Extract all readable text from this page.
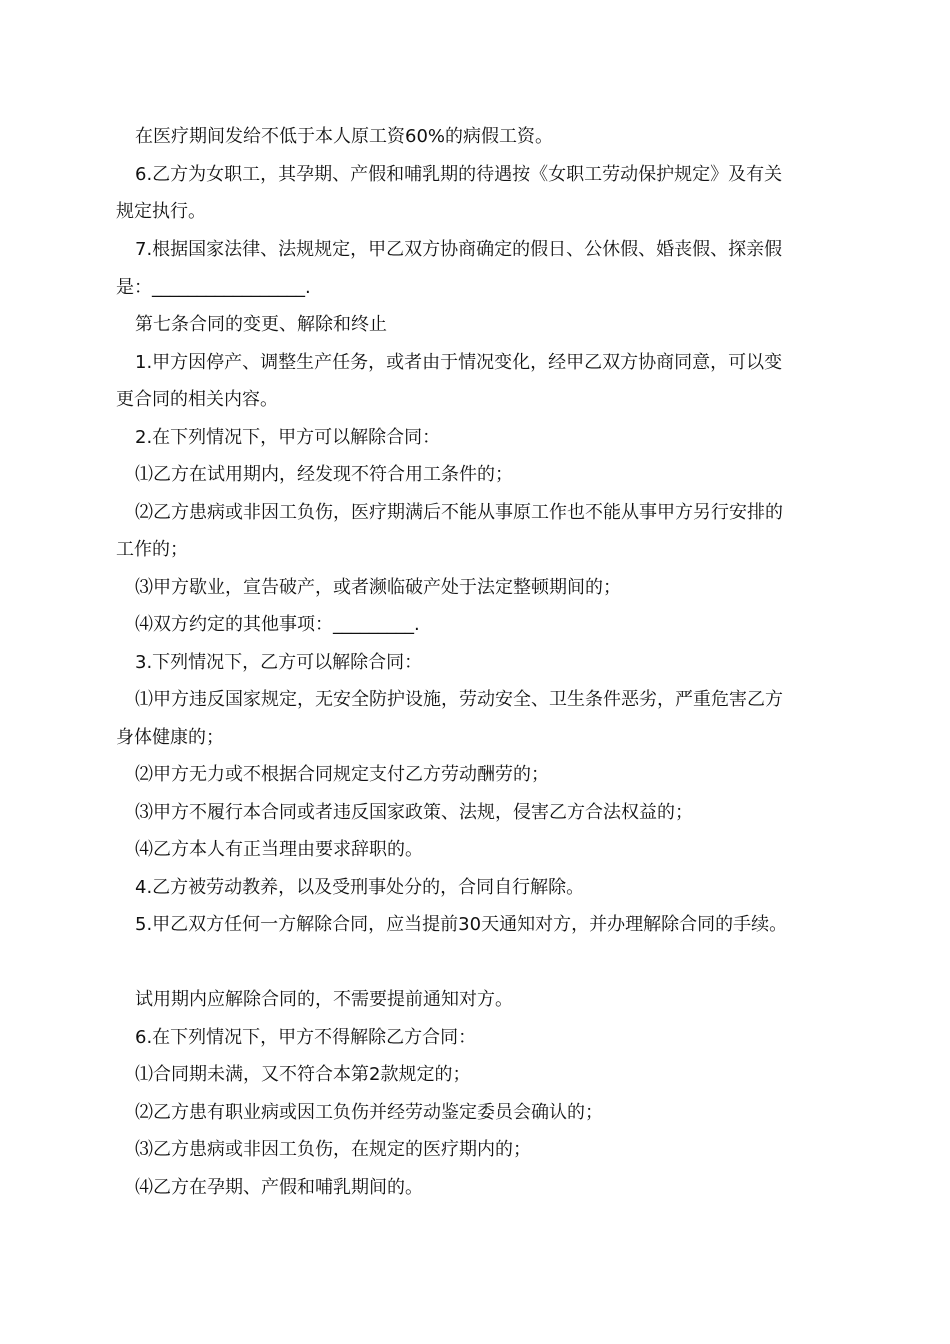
在医疗期间发给不低于本人原工资60%的病假工资。
6.乙方为女职工，其孕期、产假和哺乳期的待遇按《女职工劳动保护规定》及有关
规定执行。
7.根据国家法律、法规规定，甲乙双方协商确定的假日、公休假、婚丧假、探亲假
是：_________________.
第七条合同的变更、解除和终止
1.甲方因停产、调整生产任务，或者由于情况变化，经甲乙双方协商同意，可以变
更合同的相关内容。
2.在下列情况下，甲方可以解除合同：
⑴乙方在试用期内，经发现不符合用工条件的；
⑵乙方患病或非因工负伤，医疗期满后不能从事原工作也不能从事甲方另行安排的
工作的；
⑶甲方歇业，宣告破产，或者濒临破产处于法定整顿期间的；
⑷双方约定的其他事项：_________.
3.下列情况下，乙方可以解除合同：
⑴甲方违反国家规定，无安全防护设施，劳动安全、卫生条件恶劣，严重危害乙方
身体健康的；
⑵甲方无力或不根据合同规定支付乙方劳动酬劳的；
⑶甲方不履行本合同或者违反国家政策、法规，侵害乙方合法权益的；
⑷乙方本人有正当理由要求辞职的。
4.乙方被劳动教养，以及受刑事处分的，合同自行解除。
5.甲乙双方任何一方解除合同，应当提前30天通知对方，并办理解除合同的手续。
试用期内应解除合同的，不需要提前通知对方。
6.在下列情况下，甲方不得解除乙方合同：
⑴合同期未满，又不符合本第2款规定的；
⑵乙方患有职业病或因工负伤并经劳动鉴定委员会确认的；
⑶乙方患病或非因工负伤，在规定的医疗期内的；
⑷乙方在孕期、产假和哺乳期间的。
